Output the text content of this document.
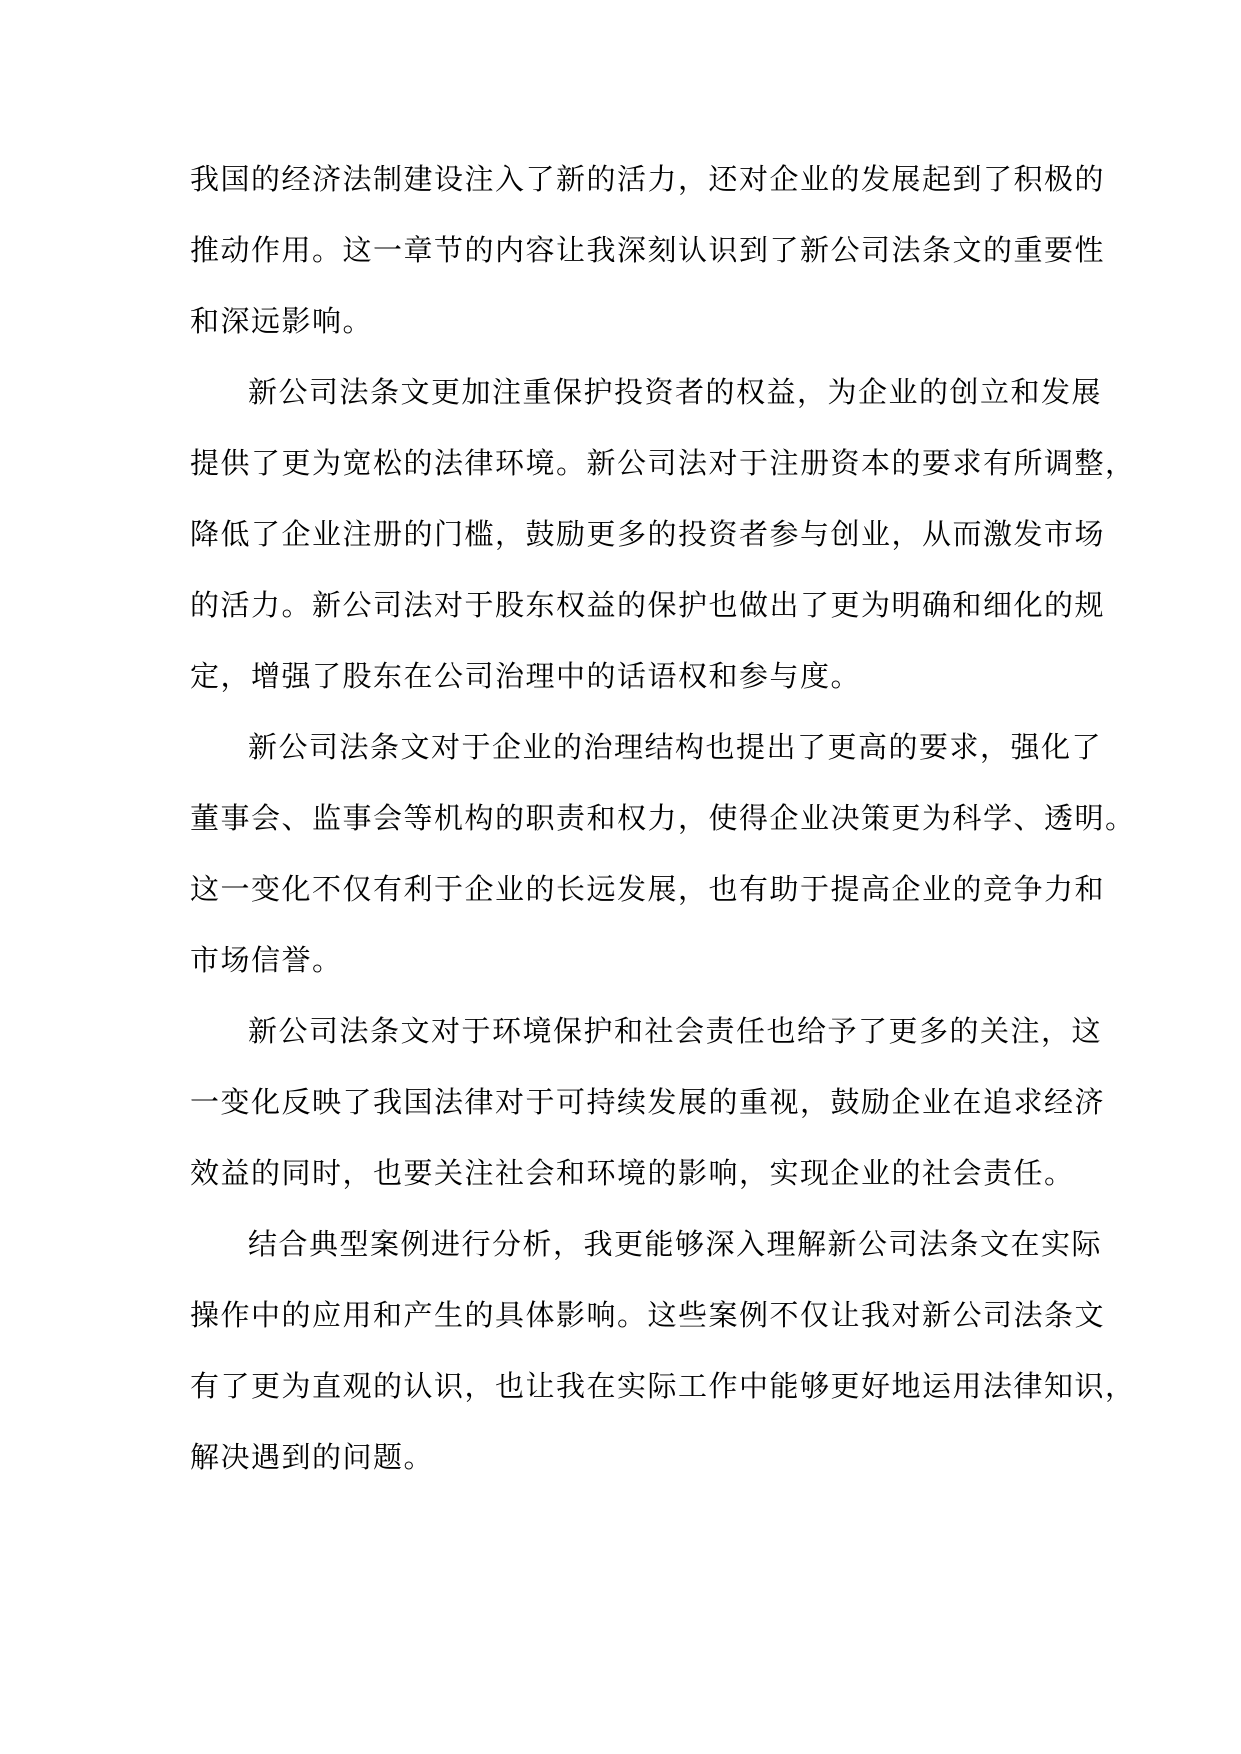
我国的经济法制建设注入了新的活力，还对企业的发展起到了积极的
推动作用。这一章节的内容让我深刻认识到了新公司法条文的重要性
和深远影响。

新公司法条文更加注重保护投资者的权益，为企业的创立和发展
提供了更为宽松的法律环境。新公司法对于注册资本的要求有所调整，
降低了企业注册的门槛，鼓励更多的投资者参与创业，从而激发市场
的活力。新公司法对于股东权益的保护也做出了更为明确和细化的规
定，增强了股东在公司治理中的话语权和参与度。

新公司法条文对于企业的治理结构也提出了更高的要求，强化了
董事会、监事会等机构的职责和权力，使得企业决策更为科学、透明。
这一变化不仅有利于企业的长远发展，也有助于提高企业的竞争力和
市场信誉。

新公司法条文对于环境保护和社会责任也给予了更多的关注，这
一变化反映了我国法律对于可持续发展的重视，鼓励企业在追求经济
效益的同时，也要关注社会和环境的影响，实现企业的社会责任。

结合典型案例进行分析，我更能够深入理解新公司法条文在实际
操作中的应用和产生的具体影响。这些案例不仅让我对新公司法条文
有了更为直观的认识，也让我在实际工作中能够更好地运用法律知识，
解决遇到的问题。
